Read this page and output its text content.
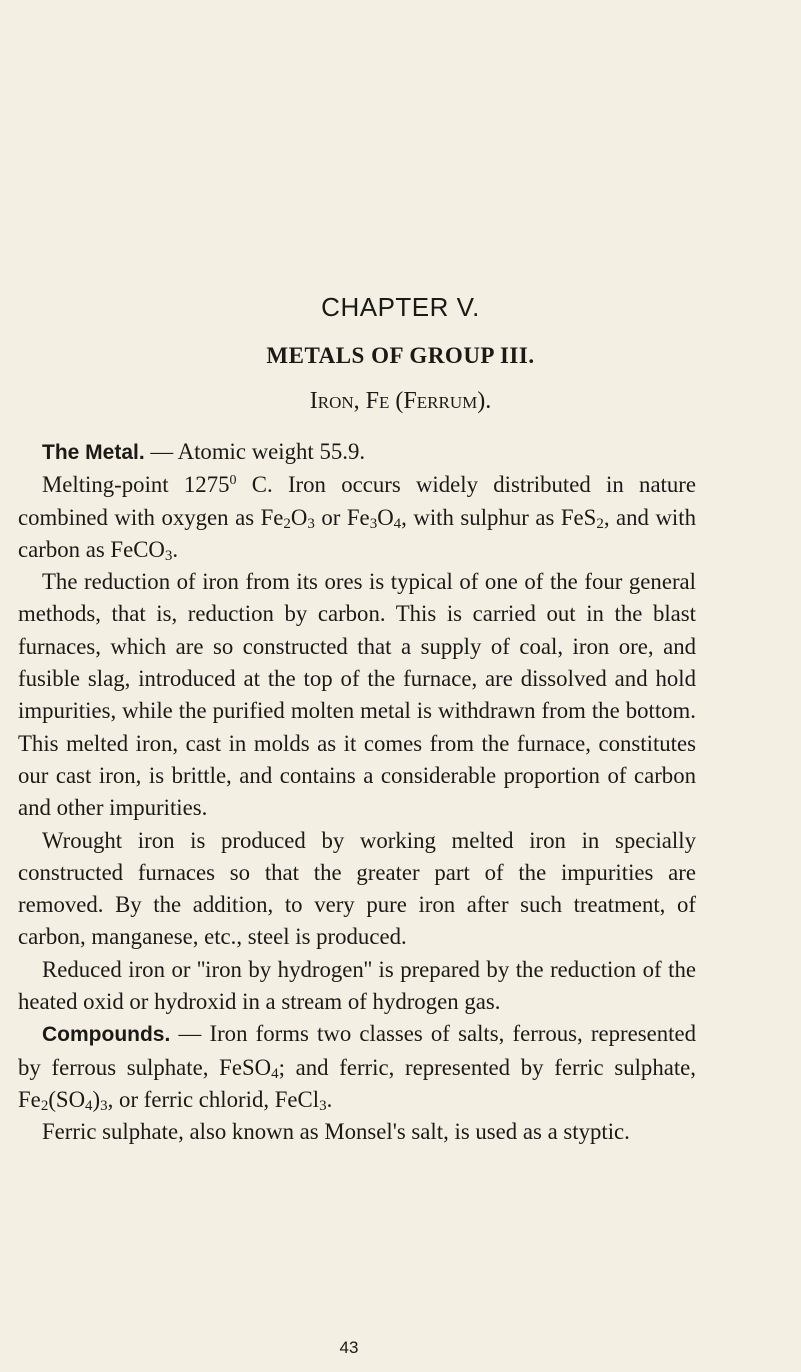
CHAPTER V.
METALS OF GROUP III.
Iron, Fe (Ferrum).

The Metal. — Atomic weight 55.9.

Melting-point 1275$^0$ C. Iron occurs widely distributed in nature combined with oxygen as $Fe_2O_3$ or $Fe_3O_4$, with sulphur as FeS$_2$, and with carbon as FeCO$_3$.

The reduction of iron from its ores is typical of one of the four general methods, that is, reduction by carbon. This is carried out in the blast furnaces, which are so constructed that a supply of coal, iron ore, and fusible slag, introduced at the top of the furnace, are dissolved and hold impurities, while the purified molten metal is withdrawn from the bottom. This melted iron, cast in molds as it comes from the furnace, constitutes our cast iron, is brittle, and contains a considerable proportion of carbon and other impurities.

Wrought iron is produced by working melted iron in specially constructed furnaces so that the greater part of the impurities are removed. By the addition, to very pure iron after such treatment, of carbon, manganese, etc., steel is produced.

Reduced iron or ''iron by hydrogen'' is prepared by the reduction of the heated oxid or hydroxid in a stream of hydrogen gas.

Compounds. — Iron forms two classes of salts, ferrous, represented by ferrous sulphate, FeSO$_4$; and ferric, represented by ferric sulphate, $Fe_2(SO_4)_3$, or ferric chlorid, FeCl$_3$.

Ferric sulphate, also known as Monsel's salt, is used as a styptic.

43
